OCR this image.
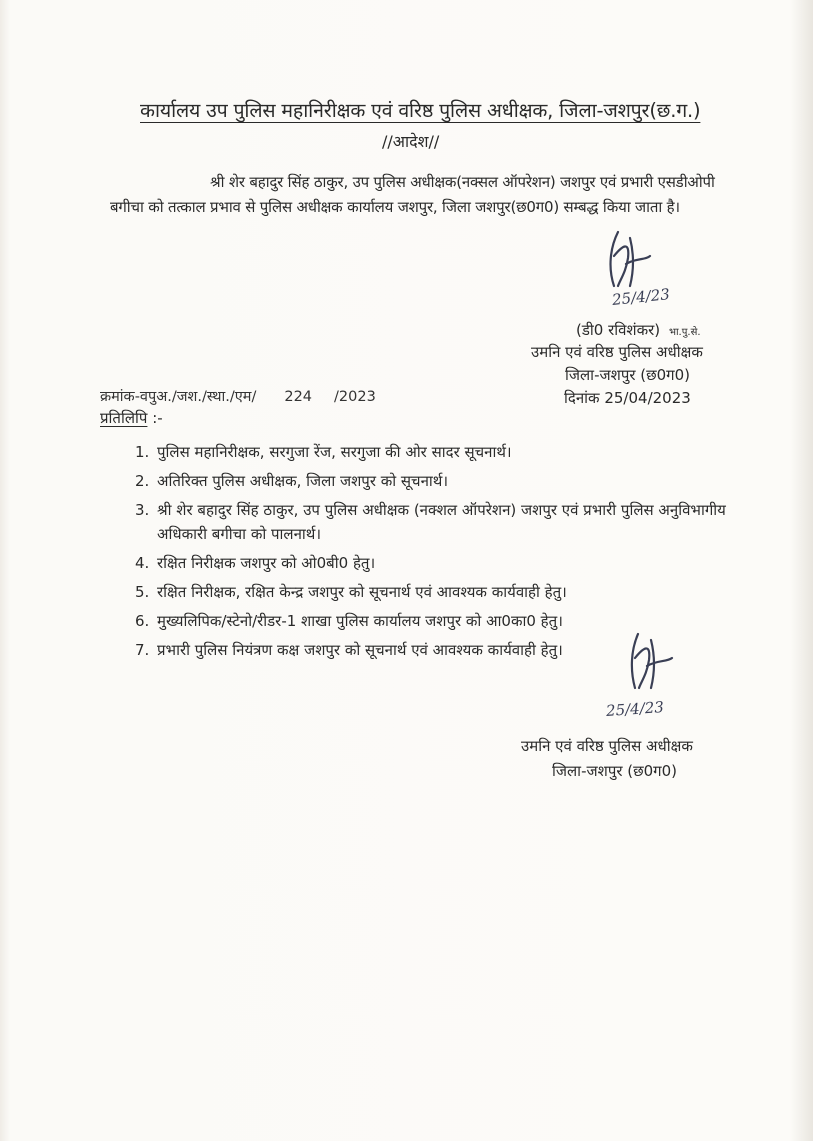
कार्यालय उप पुलिस महानिरीक्षक एवं वरिष्ठ पुलिस अधीक्षक, जिला-जशपुर(छ.ग.)
//आदेश//
श्री शेर बहादुर सिंह ठाकुर, उप पुलिस अधीक्षक(नक्सल ऑपरेशन) जशपुर एवं प्रभारी एसडीओपी बगीचा को तत्काल प्रभाव से पुलिस अधीक्षक कार्यालय जशपुर, जिला जशपुर(छ0ग0) सम्बद्ध किया जाता है।
25/4/23
(डी0 रविशंकर) भा.पु.से.
उमनि एवं वरिष्ठ पुलिस अधीक्षक
जिला-जशपुर (छ0ग0)
क्रमांक-वपुअ./जश./स्था./एम/ 224 /2023	दिनांक 25/04/2023
प्रतिलिपि :-
1. पुलिस महानिरीक्षक, सरगुजा रेंज, सरगुजा की ओर सादर सूचनार्थ।
2. अतिरिक्त पुलिस अधीक्षक, जिला जशपुर को सूचनार्थ।
3. श्री शेर बहादुर सिंह ठाकुर, उप पुलिस अधीक्षक (नक्शल ऑपरेशन) जशपुर एवं प्रभारी पुलिस अनुविभागीय अधिकारी बगीचा को पालनार्थ।
4. रक्षित निरीक्षक जशपुर को ओ0बी0 हेतु।
5. रक्षित निरीक्षक, रक्षित केन्द्र जशपुर को सूचनार्थ एवं आवश्यक कार्यवाही हेतु।
6. मुख्यलिपिक/स्टेनो/रीडर-1 शाखा पुलिस कार्यालय जशपुर को आ0का0 हेतु।
7. प्रभारी पुलिस नियंत्रण कक्ष जशपुर को सूचनार्थ एवं आवश्यक कार्यवाही हेतु।
25/4/23
उमनि एवं वरिष्ठ पुलिस अधीक्षक
जिला-जशपुर (छ0ग0)
